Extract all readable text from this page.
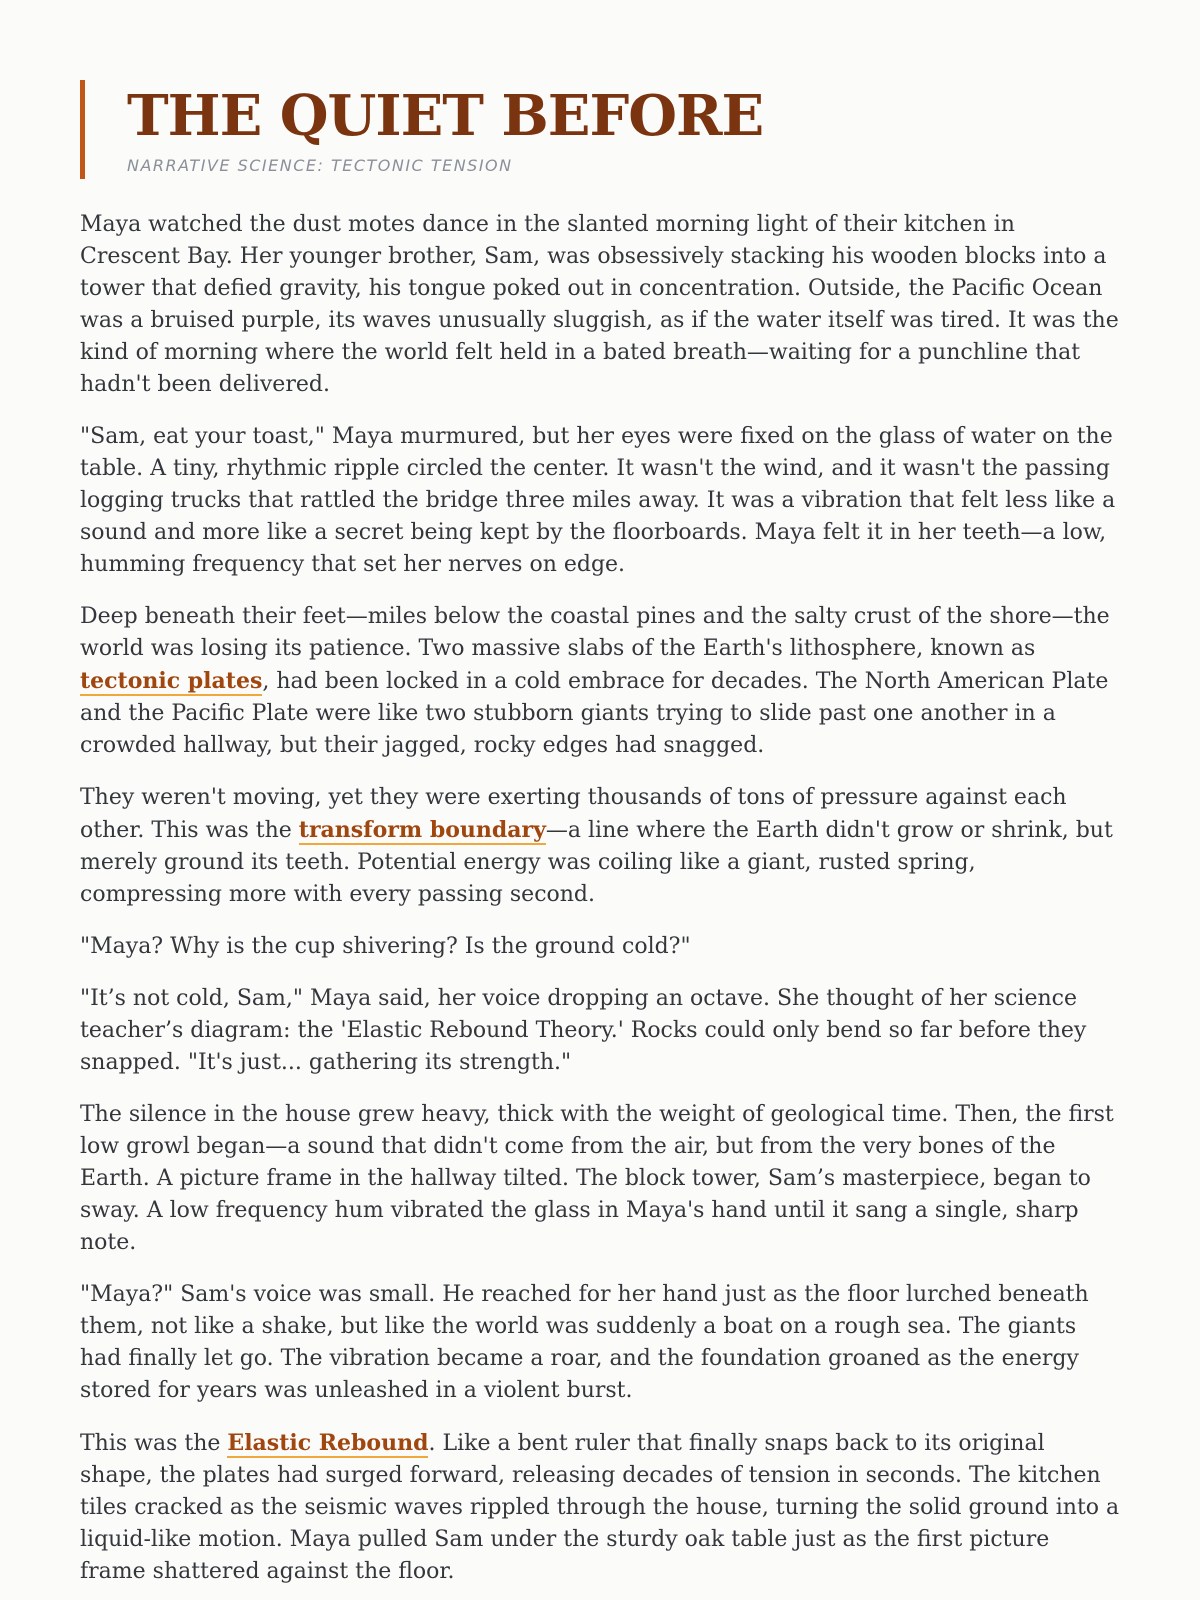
THE QUIET BEFORE
NARRATIVE SCIENCE: TECTONIC TENSION

Maya watched the dust motes dance in the slanted morning light of their kitchen in Crescent Bay. Her younger brother, Sam, was obsessively stacking his wooden blocks into a tower that defied gravity, his tongue poked out in concentration. Outside, the Pacific Ocean was a bruised purple, its waves unusually sluggish, as if the water itself was tired. It was the kind of morning where the world felt held in a bated breath—waiting for a punchline that hadn't been delivered.

"Sam, eat your toast," Maya murmured, but her eyes were fixed on the glass of water on the table. A tiny, rhythmic ripple circled the center. It wasn't the wind, and it wasn't the passing logging trucks that rattled the bridge three miles away. It was a vibration that felt less like a sound and more like a secret being kept by the floorboards. Maya felt it in her teeth—a low, humming frequency that set her nerves on edge.

Deep beneath their feet—miles below the coastal pines and the salty crust of the shore—the world was losing its patience. Two massive slabs of the Earth's lithosphere, known as tectonic plates, had been locked in a cold embrace for decades. The North American Plate and the Pacific Plate were like two stubborn giants trying to slide past one another in a crowded hallway, but their jagged, rocky edges had snagged.

They weren't moving, yet they were exerting thousands of tons of pressure against each other. This was the transform boundary—a line where the Earth didn't grow or shrink, but merely ground its teeth. Potential energy was coiling like a giant, rusted spring, compressing more with every passing second.

"Maya? Why is the cup shivering? Is the ground cold?"

"It’s not cold, Sam," Maya said, her voice dropping an octave. She thought of her science teacher’s diagram: the 'Elastic Rebound Theory.' Rocks could only bend so far before they snapped. "It's just... gathering its strength."

The silence in the house grew heavy, thick with the weight of geological time. Then, the first low growl began—a sound that didn't come from the air, but from the very bones of the Earth. A picture frame in the hallway tilted. The block tower, Sam’s masterpiece, began to sway. A low frequency hum vibrated the glass in Maya's hand until it sang a single, sharp note.

"Maya?" Sam's voice was small. He reached for her hand just as the floor lurched beneath them, not like a shake, but like the world was suddenly a boat on a rough sea. The giants had finally let go. The vibration became a roar, and the foundation groaned as the energy stored for years was unleashed in a violent burst.

This was the Elastic Rebound. Like a bent ruler that finally snaps back to its original shape, the plates had surged forward, releasing decades of tension in seconds. The kitchen tiles cracked as the seismic waves rippled through the house, turning the solid ground into a liquid-like motion. Maya pulled Sam under the sturdy oak table just as the first picture frame shattered against the floor.
